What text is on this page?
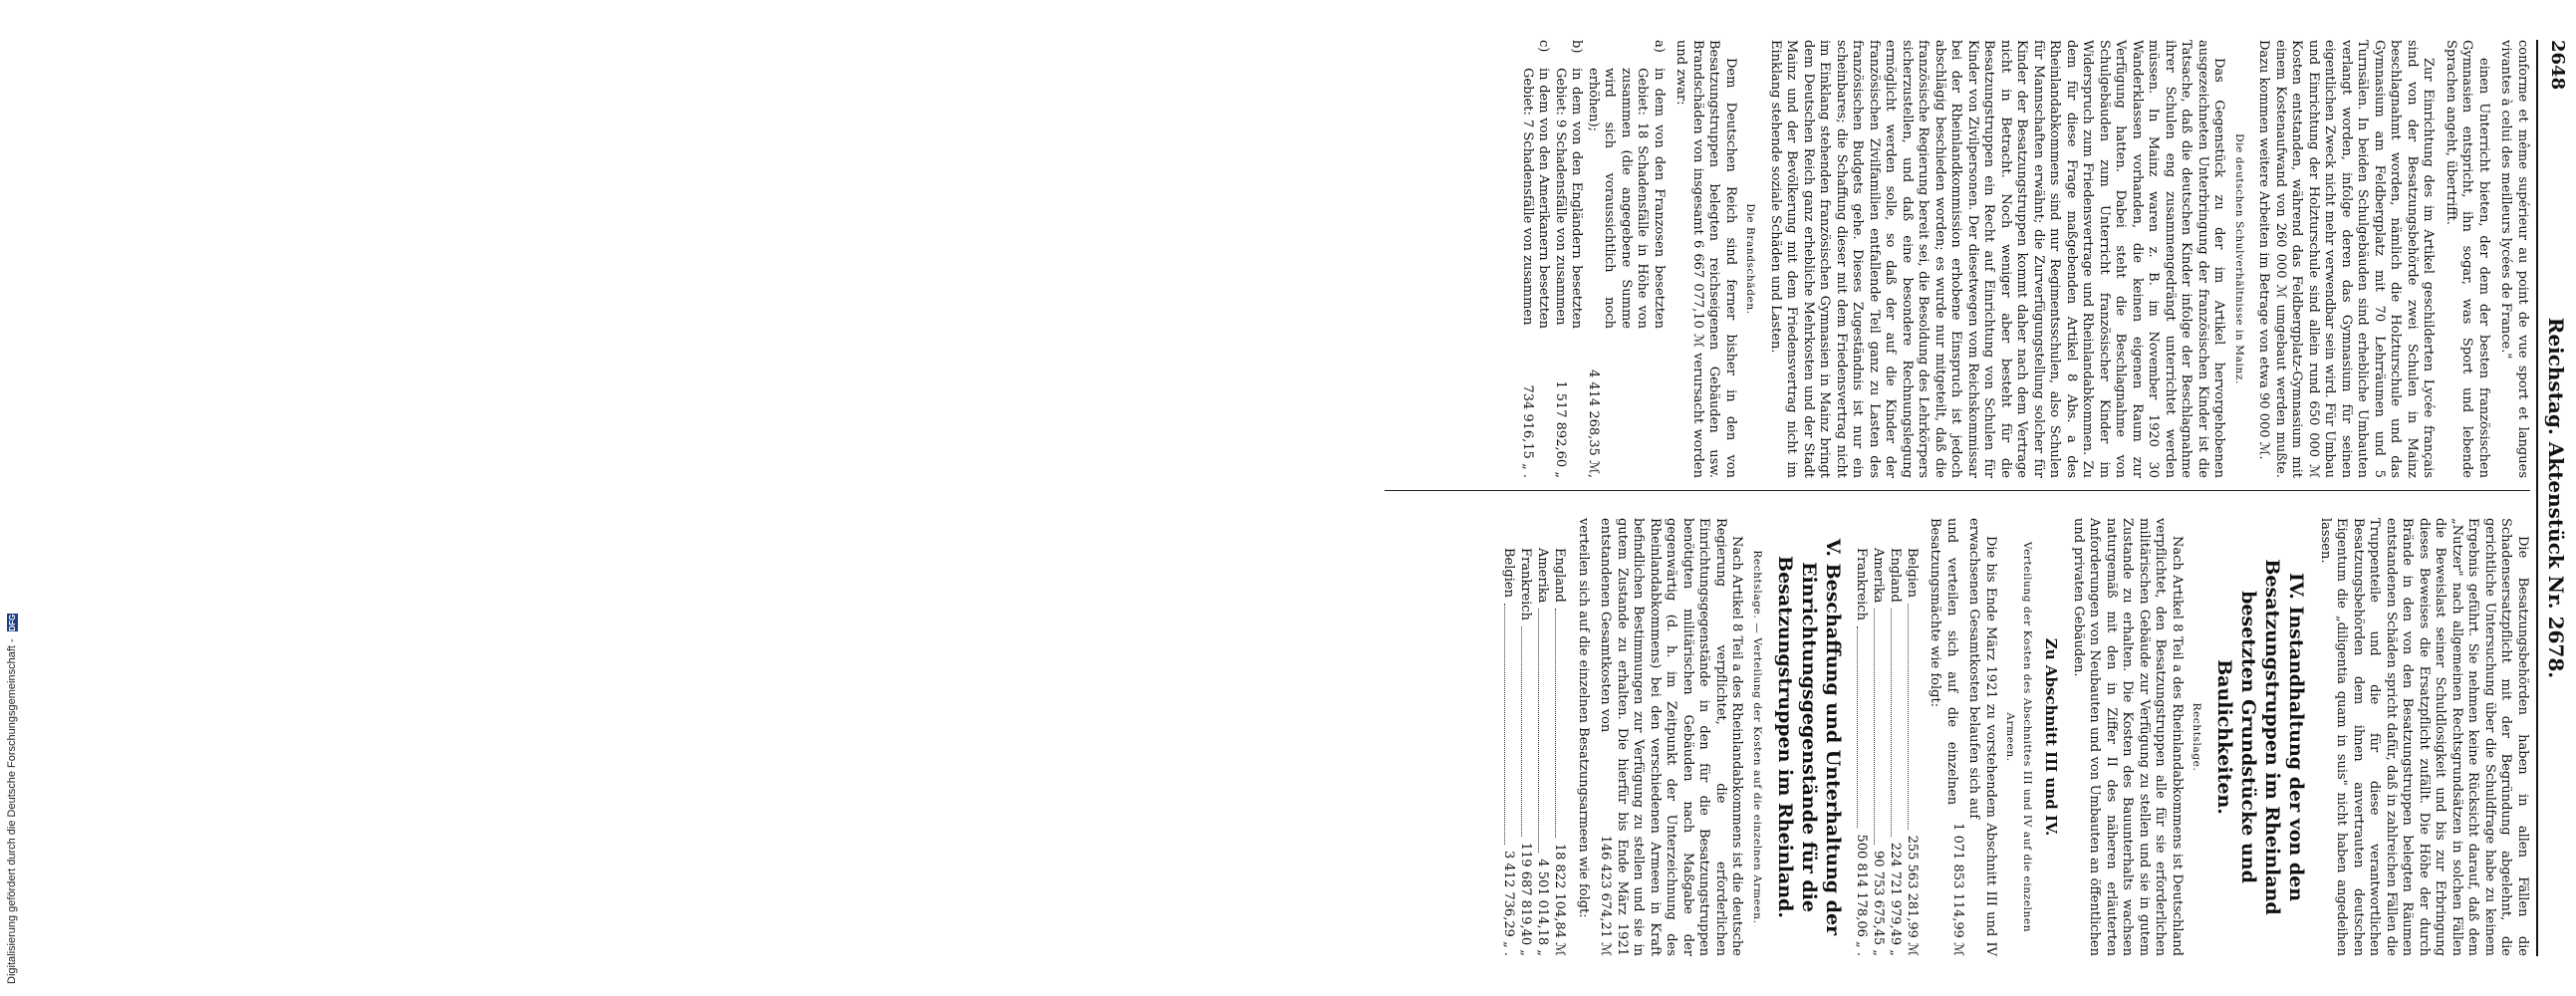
Digitalisierung gefördert durch die Deutsche Forschungsgemeinschaft - DFG
2648
Reichstag. Aktenstück Nr. 2678.

conforme et même supérieur au point de vue sport et langues vivantes à celui des meilleurs lycées de France."

einen Unterricht bieten, der dem der besten französischen Gymnasien entspricht, ihn sogar, was Sport und lebende Sprachen angeht, übertrifft.

Zur Einrichtung des im Artikel geschilderten Lycée français sind von der Besatzungsbehörde zwei Schulen in Mainz beschlagnahmt worden, nämlich die Holzturschule und das Gymnasium am Feldbergplatz mit 70 Lehrräumen und 5 Turnsälen. In beiden Schulgebäuden sind erhebliche Umbauten verlangt worden, infolge deren das Gymnasium für seinen eigentlichen Zweck nicht mehr verwendbar sein wird. Für Umbau und Einrichtung der Holzturschule sind allein rund 650 000 ℳ Kosten entstanden, während das Feldbergplatz-Gymnasium mit einem Kostenaufwand von 260 000 ℳ umgebaut werden mußte. Dazu kommen weitere Arbeiten im Betrage von etwa 90 000 ℳ.

Die deutschen Schulverhältnisse in Mainz.

Das Gegenstück zu der im Artikel hervorgehobenen ausgezeichneten Unterbringung der französischen Kinder ist die Tatsache, daß die deutschen Kinder infolge der Beschlagnahme ihrer Schulen eng zusammengedrängt unterrichtet werden müssen. In Mainz waren z. B. im November 1920 30 Wanderklassen vorhanden, die keinen eigenen Raum zur Verfügung hatten. Dabei steht die Beschlagnahme von Schulgebäuden zum Unterricht französischer Kinder im Widerspruch zum Friedensvertrage und Rheinlandabkommen. Zu dem für diese Frage maßgebenden Artikel 8 Abs. a des Rheinlandabkommens sind nur Regimentsschulen, also Schulen für Mannschaften erwähnt; die Zurverfügungstellung solcher für Kinder der Besatzungstruppen kommt daher nach dem Vertrage nicht in Betracht. Noch weniger aber besteht für die Besatzungstruppen ein Recht auf Einrichtung von Schulen für Kinder von Zivilpersonen. Der diesetwegen vom Reichskommissar bei der Rheinlandkommission erhobene Einspruch ist jedoch abschlägig beschieden worden; es wurde nur mitgeteilt, daß die französische Regierung bereit sei, die Besoldung des Lehrkörpers sicherzustellen, und daß eine besondere Rechnungslegung ermöglicht werden solle, so daß der auf die Kinder der französischen Zivilfamilien entfallende Teil ganz zu Lasten des französischen Budgets gehe. Dieses Zugeständnis ist nur ein scheinbares; die Schaffung dieser mit dem Friedensvertrag nicht im Einklang stehenden französischen Gymnasien in Mainz bringt dem Deutschen Reich ganz erhebliche Mehrkosten und der Stadt Mainz und der Bevölkerung mit dem Friedensvertrag nicht im Einklang stehende soziale Schäden und Lasten.

Die Brandschäden.

Dem Deutschen Reich sind ferner bisher in den von Besatzungstruppen belegten reichseigenen Gebäuden usw. Brandschäden von insgesamt 6 667 077,10 ℳ verursacht worden und zwar:

a)
in dem von den Franzosen besetzten Gebiet: 18 Schadensfälle in Höhe von zusammen (die angegebene Summe wird sich voraussichtlich noch erhöhen);
4 414 268,35 ℳ,
b)
in dem von den Engländern besetzten Gebiet: 9 Schadensfälle von zusammen
1 517 892,60 „
c)
in dem von den Amerikanern besetzten Gebiet: 7 Schadensfälle von zusammen
734 916,15 „ .

Die Besatzungsbehörden haben in allen Fällen die Schadensersatzpflicht mit der Begründung abgelehnt, die gerichtliche Untersuchung über die Schuldfrage habe zu keinem Ergebnis geführt. Sie nehmen keine Rücksicht darauf, daß dem „Nutzer" nach allgemeinen Rechtsgrundsätzen in solchen Fällen die Beweislast seiner Schuldlosigkeit und bis zur Erbringung dieses Beweises die Ersatzpflicht zufällt. Die Höhe der durch Brände in den von den Besatzungstruppen belegten Räumen entstandenen Schäden spricht dafür, daß in zahlreichen Fällen die Truppenteile und die für diese verantwortlichen Besatzungsbehörden dem ihnen anvertrauten deutschen Eigentum die „diligentia quam in suis" nicht haben angedeihen lassen.

IV. Instandhaltung der von den Besatzungstruppen im Rheinland besetzten Grundstücke und Baulichkeiten.

Rechtslage.

Nach Artikel 8 Teil a des Rheinlandabkommens ist Deutschland verpflichtet, den Besatzungstruppen alle für sie erforderlichen militärischen Gebäude zur Verfügung zu stellen und sie in gutem Zustande zu erhalten. Die Kosten des Bauunterhalts wachsen naturgemäß mit den in Ziffer II des näheren erläuterten Anforderungen von Neubauten und von Umbauten an öffentlichen und privaten Gebäuden.

Zu Abschnitt III und IV.

Verteilung der Kosten des Abschnittes III und IV auf die einzelnen Armeen.

Die bis Ende März 1921 zu vorstehendem Abschnitt III und IV erwachsenen Gesamtkosten belaufen sich auf
1 071 853 114,99 ℳ

und verteilen sich auf die einzelnen Besatzungsmächte wie folgt:

Belgien
255 563 281,99 ℳ
England
224 721 979,49 „
Amerika
90 753 675,45 „
Frankreich
500 814 178,06 „ .
V. Beschaffung und Unterhaltung der Einrichtungsgegenstände für die Besatzungstruppen im Rheinland.

Rechtslage. — Verteilung der Kosten auf die einzelnen Armeen.

Nach Artikel 8 Teil a des Rheinlandabkommens ist die deutsche Regierung verpflichtet, die erforderlichen Einrichtungsgegenstände in den für die Besatzungstruppen benötigten militärischen Gebäuden nach Maßgabe der gegenwärtig (d. h. im Zeitpunkt der Unterzeichnung des Rheinlandabkommens) bei den verschiedenen Armeen in Kraft befindlichen Bestimmungen zur Verfügung zu stellen und sie in gutem Zustande zu erhalten. Die hierfür bis Ende März 1921 entstandenen Gesamtkosten von
146 423 674,21 ℳ

verteilen sich auf die einzelnen Besatzungsarmeen wie folgt:

England
18 822 104,84 ℳ
Amerika
4 501 014,18 „
Frankreich
119 687 819,40 „
Belgien
3 412 736,29 „ .
